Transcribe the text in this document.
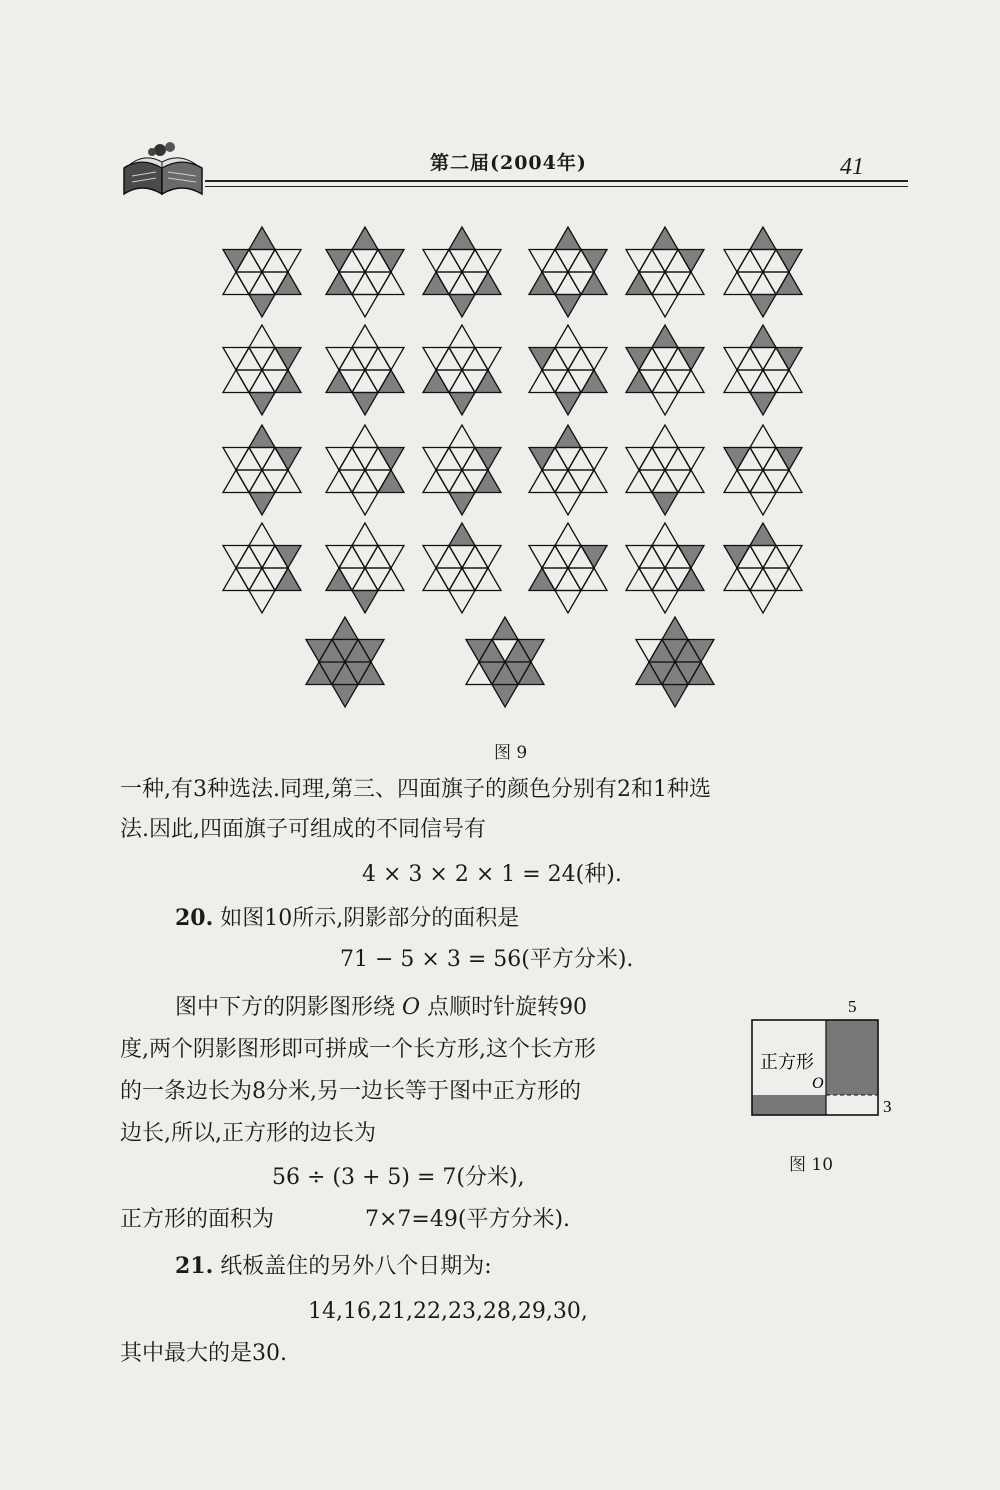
第二届(2004年)	41
图 9
一种,有3种选法.同理,第三、四面旗子的颜色分别有2和1种选
法.因此,四面旗子可组成的不同信号有
4 × 3 × 2 × 1 = 24(种).
20. 如图10所示,阴影部分的面积是
71 − 5 × 3 = 56(平方分米).
图中下方的阴影图形绕 O 点顺时针旋转90
度,两个阴影图形即可拼成一个长方形,这个长方形
的一条边长为8分米,另一边长等于图中正方形的
边长,所以,正方形的边长为
56 ÷ (3 + 5) = 7(分米),
正方形的面积为	7×7=49(平方分米).
21. 纸板盖住的另外八个日期为:
14,16,21,22,23,28,29,30,
其中最大的是30.
5
3
正方形
O
图 10
